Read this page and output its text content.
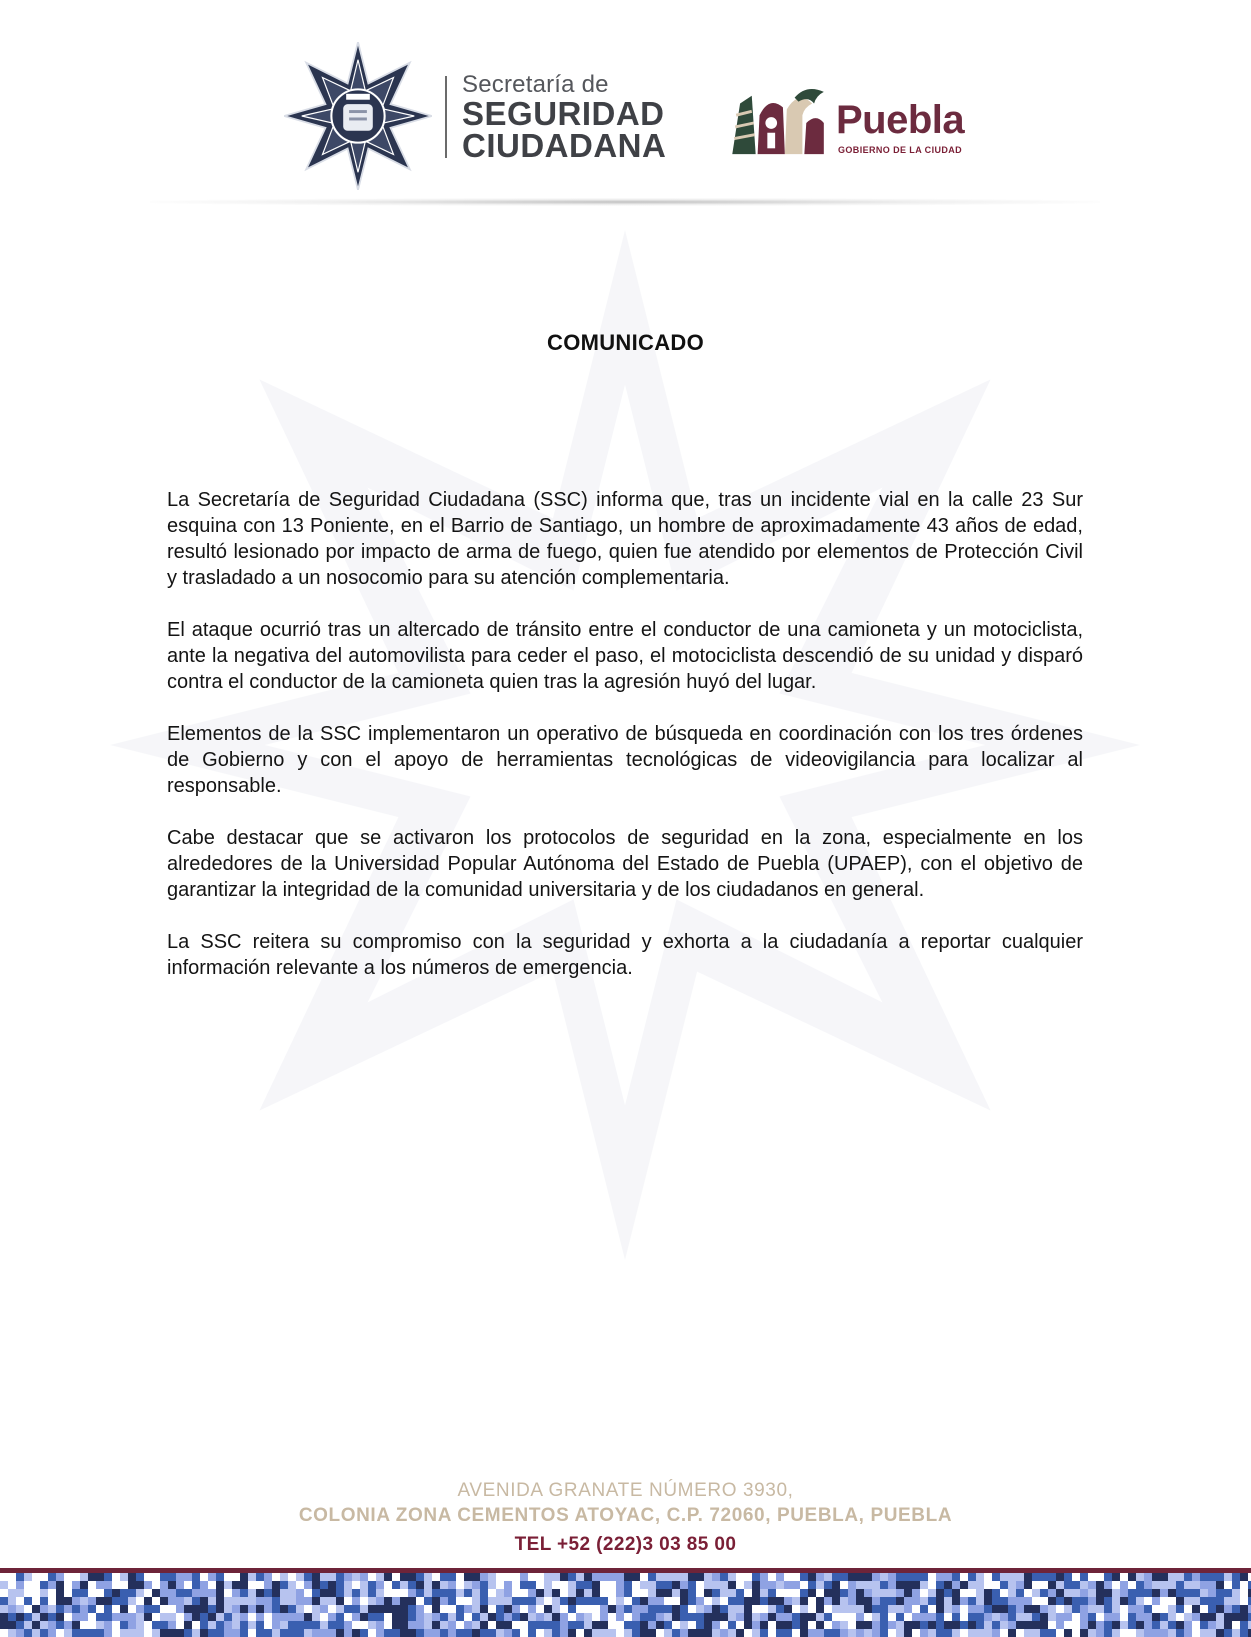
Secretaría de
SEGURIDAD
CIUDADANA
Puebla
GOBIERNO DE LA CIUDAD
COMUNICADO

La Secretaría de Seguridad Ciudadana (SSC) informa que, tras un incidente vial en la calle 23 Sur esquina con 13 Poniente, en el Barrio de Santiago, un hombre de aproximadamente 43 años de edad, resultó lesionado por impacto de arma de fuego, quien fue atendido por elementos de Protección Civil y trasladado a un nosocomio para su atención complementaria.

El ataque ocurrió tras un altercado de tránsito entre el conductor de una camioneta y un motociclista, ante la negativa del automovilista para ceder el paso, el motociclista descendió de su unidad y disparó contra el conductor de la camioneta quien tras la agresión huyó del lugar.

Elementos de la SSC implementaron un operativo de búsqueda en coordinación con los tres órdenes de Gobierno y con el apoyo de herramientas tecnológicas de videovigilancia para localizar al responsable.

Cabe destacar que se activaron los protocolos de seguridad en la zona, especialmente en los alrededores de la Universidad Popular Autónoma del Estado de Puebla (UPAEP), con el objetivo de garantizar la integridad de la comunidad universitaria y de los ciudadanos en general.

La SSC reitera su compromiso con la seguridad y exhorta a la ciudadanía a reportar cualquier información relevante a los números de emergencia.

AVENIDA GRANATE NÚMERO 3930,
COLONIA ZONA CEMENTOS ATOYAC, C.P. 72060, PUEBLA, PUEBLA
TEL +52 (222)3 03 85 00
